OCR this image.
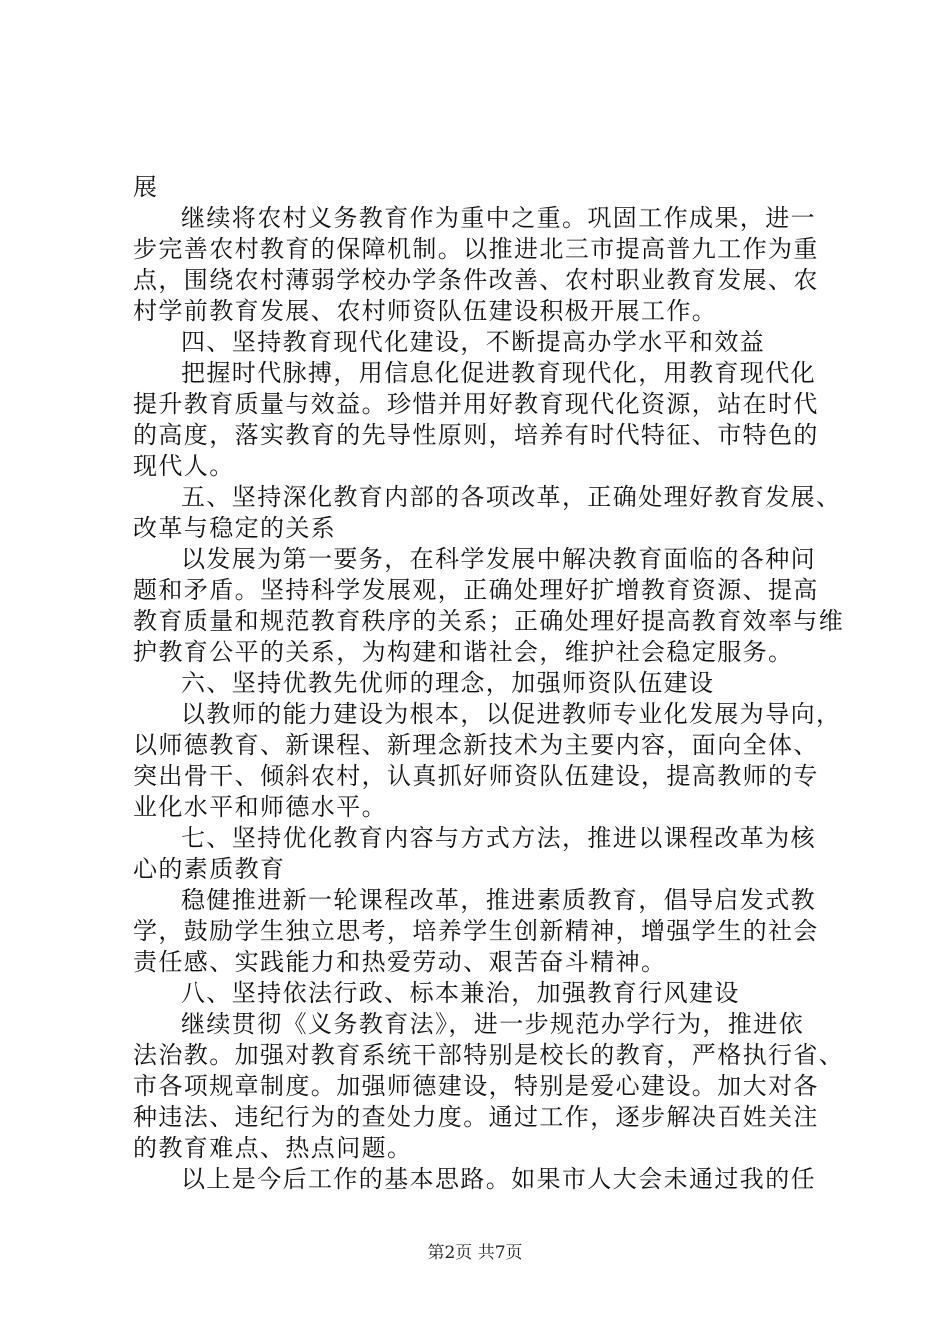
展
继续将农村义务教育作为重中之重。巩固工作成果，进一
步完善农村教育的保障机制。以推进北三市提高普九工作为重
点，围绕农村薄弱学校办学条件改善、农村职业教育发展、农
村学前教育发展、农村师资队伍建设积极开展工作。
四、坚持教育现代化建设，不断提高办学水平和效益
把握时代脉搏，用信息化促进教育现代化，用教育现代化
提升教育质量与效益。珍惜并用好教育现代化资源，站在时代
的高度，落实教育的先导性原则，培养有时代特征、市特色的
现代人。
五、坚持深化教育内部的各项改革，正确处理好教育发展、
改革与稳定的关系
以发展为第一要务，在科学发展中解决教育面临的各种问
题和矛盾。坚持科学发展观，正确处理好扩增教育资源、提高
教育质量和规范教育秩序的关系；正确处理好提高教育效率与维
护教育公平的关系，为构建和谐社会，维护社会稳定服务。
六、坚持优教先优师的理念，加强师资队伍建设
以教师的能力建设为根本，以促进教师专业化发展为导向，
以师德教育、新课程、新理念新技术为主要内容，面向全体、
突出骨干、倾斜农村，认真抓好师资队伍建设，提高教师的专
业化水平和师德水平。
七、坚持优化教育内容与方式方法，推进以课程改革为核
心的素质教育
稳健推进新一轮课程改革，推进素质教育，倡导启发式教
学，鼓励学生独立思考，培养学生创新精神，增强学生的社会
责任感、实践能力和热爱劳动、艰苦奋斗精神。
八、坚持依法行政、标本兼治，加强教育行风建设
继续贯彻《义务教育法》，进一步规范办学行为，推进依
法治教。加强对教育系统干部特别是校长的教育，严格执行省、
市各项规章制度。加强师德建设，特别是爱心建设。加大对各
种违法、违纪行为的查处力度。通过工作，逐步解决百姓关注
的教育难点、热点问题。
以上是今后工作的基本思路。如果市人大会未通过我的任
第2页 共7页
